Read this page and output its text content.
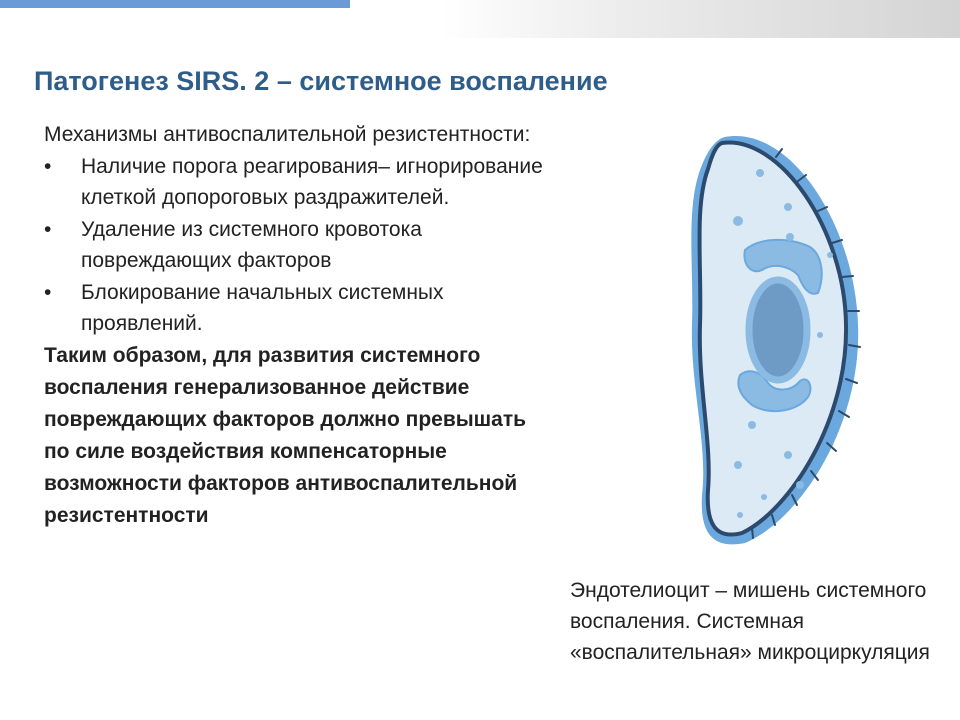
Патогенез SIRS. 2 – системное воспаление

Механизмы антивоспалительной резистентности:

• Наличие порога реагирования– игнорирование клеткой допороговых раздражителей.
• Удаление из системного кровотока повреждающих факторов
• Блокирование начальных системных проявлений.

Таким образом, для развития системного воспаления генерализованное действие повреждающих факторов должно превышать по силе воздействия компенсаторные возможности факторов антивоспалительной резистентности

Эндотелиоцит – мишень системного воспаления. Системная «воспалительная» микроциркуляция
